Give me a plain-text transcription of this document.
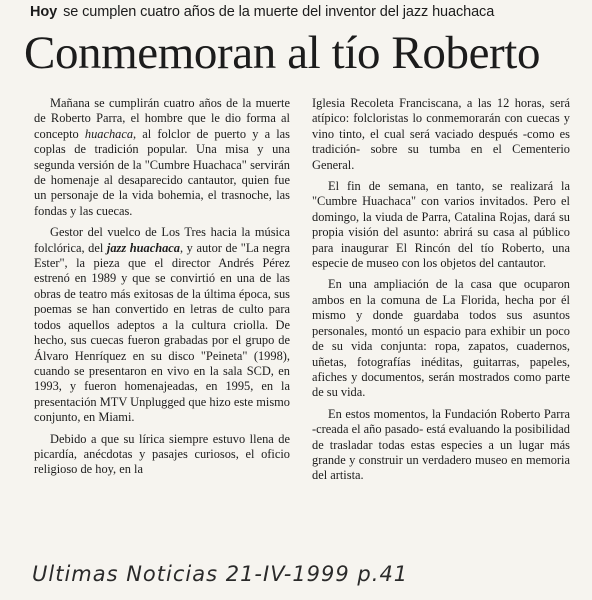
Hoy se cumplen cuatro años de la muerte del inventor del jazz huachaca
Conmemoran al tío Roberto

Mañana se cumplirán cuatro años de la muerte de Roberto Parra, el hombre que le dio forma al concepto huachaca, al folclor de puerto y a las coplas de tradición popular. Una misa y una segunda versión de la "Cumbre Huachaca" servirán de homenaje al desaparecido cantautor, quien fue un personaje de la vida bohemia, el trasnoche, las fondas y las cuecas.

Gestor del vuelco de Los Tres hacia la música folclórica, del jazz huachaca, y autor de "La negra Ester", la pieza que el director Andrés Pérez estrenó en 1989 y que se convirtió en una de las obras de teatro más exitosas de la última época, sus poemas se han convertido en letras de culto para todos aquellos adeptos a la cultura criolla. De hecho, sus cuecas fueron grabadas por el grupo de Álvaro Henríquez en su disco "Peineta" (1998), cuando se presentaron en vivo en la sala SCD, en 1993, y fueron homenajeadas, en 1995, en la presentación MTV Unplugged que hizo este mismo conjunto, en Miami.

Debido a que su lírica siempre estuvo llena de picardía, anécdotas y pasajes curiosos, el oficio religioso de hoy, en la

Iglesia Recoleta Franciscana, a las 12 horas, será atípico: folcloristas lo conmemorarán con cuecas y vino tinto, el cual será vaciado después -como es tradición- sobre su tumba en el Cementerio General.

El fin de semana, en tanto, se realizará la "Cumbre Huachaca" con varios invitados. Pero el domingo, la viuda de Parra, Catalina Rojas, dará su propia visión del asunto: abrirá su casa al público para inaugurar El Rincón del tío Roberto, una especie de museo con los objetos del cantautor.

En una ampliación de la casa que ocuparon ambos en la comuna de La Florida, hecha por él mismo y donde guardaba todos sus asuntos personales, montó un espacio para exhibir un poco de su vida conjunta: ropa, zapatos, cuadernos, uñetas, fotografías inéditas, guitarras, papeles, afiches y documentos, serán mostrados como parte de su vida.

En estos momentos, la Fundación Roberto Parra -creada el año pasado- está evaluando la posibilidad de trasladar todas estas especies a un lugar más grande y construir un verdadero museo en memoria del artista.

Ultimas Noticias 21-IV-1999 p.41
